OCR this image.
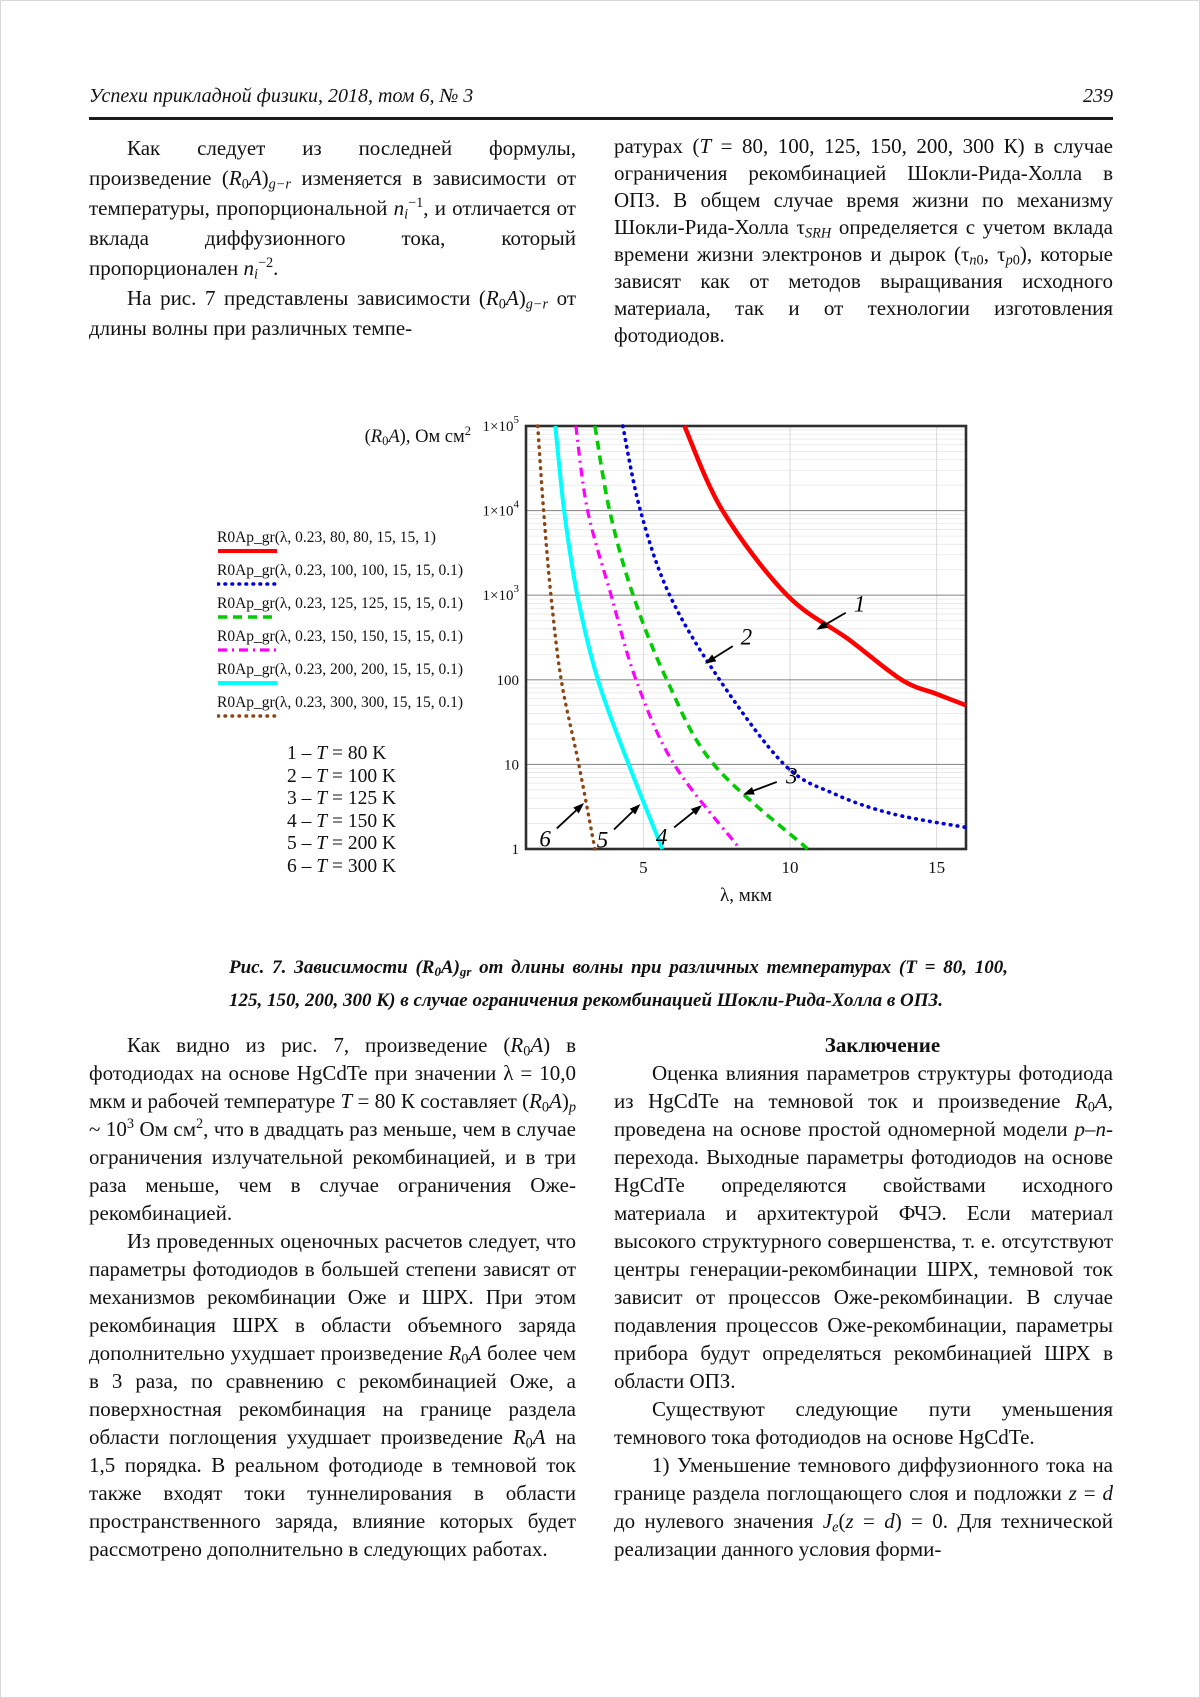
Успехи прикладной физики, 2018, том 6, № 3	239

Как следует из последней формулы, произведение $(R_0A)_{g-r}$ изменяется в зависимости от температуры, пропорциональной $n_i^{-1}$, и отличается от вклада диффузионного тока, который пропорционален $n_i^{-2}$.

На рис. 7 представлены зависимости $(R_0A)_{g-r}$ от длины волны при различных темпе-

ратурах (T = 80, 100, 125, 150, 200, 300 К) в случае ограничения рекомбинацией Шокли-Рида-Холла в ОПЗ. В общем случае время жизни по механизму Шокли-Рида-Холла $\tau_{SRH}$ определяется с учетом вклада времени жизни электронов и дырок ($\tau_{n0}$, $\tau_{p0}$), которые зависят как от методов выращивания исходного материала, так и от технологии изготовления фотодиодов.

$(R_0A)$, Ом $см^2$
R0Ap_gr(λ, 0.23, 80, 80, 15, 15, 1)
R0Ap_gr(λ, 0.23, 100, 100, 15, 15, 0.1)
R0Ap_gr(λ, 0.23, 125, 125, 15, 15, 0.1)
R0Ap_gr(λ, 0.23, 150, 150, 15, 15, 0.1)
R0Ap_gr(λ, 0.23, 200, 200, 15, 15, 0.1)
R0Ap_gr(λ, 0.23, 300, 300, 15, 15, 0.1)
1 – T = 80 K
2 – T = 100 K
3 – T = 125 K
4 – T = 150 K
5 – T = 200 K
6 – T = 300 K
$1\times 10^5$
$1\times 10^4$
$1\times 10^3$
100
10
1
5	10	15
λ, мкм
1
2
3
4
5
6
Рис. 7. Зависимости $(R_0A)_{gr}$ от длины волны при различных температурах (Т = 80, 100,
125, 150, 200, 300 К) в случае ограничения рекомбинацией Шокли-Рида-Холла в ОПЗ.

Как видно из рис. 7, произведение $(R_0A)$ в фотодиодах на основе HgCdTe при значении λ = 10,0 мкм и рабочей температуре T = 80 К составляет $(R_0A)_p$ ~ $10^3$ Ом $см^2$, что в двадцать раз меньше, чем в случае ограничения излучательной рекомбинацией, и в три раза меньше, чем в случае ограничения Оже-рекомбинацией.

Из проведенных оценочных расчетов следует, что параметры фотодиодов в большей степени зависят от механизмов рекомбинации Оже и ШРХ. При этом рекомбинация ШРХ в области объемного заряда дополнительно ухудшает произведение $R_0A$ более чем в 3 раза, по сравнению с рекомбинацией Оже, а поверхностная рекомбинация на границе раздела области поглощения ухудшает произведение $R_0A$ на 1,5 порядка. В реальном фотодиоде в темновой ток также входят токи туннелирования в области пространственного заряда, влияние которых будет рассмотрено дополнительно в следующих работах.

Заключение

Оценка влияния параметров структуры фотодиода из HgCdTe на темновой ток и произведение $R_0A$, проведена на основе простой одномерной модели p–n-перехода. Выходные параметры фотодиодов на основе HgCdTe определяются свойствами исходного материала и архитектурой ФЧЭ. Если материал высокого структурного совершенства, т. е. отсутствуют центры генерации-рекомбинации ШРХ, темновой ток зависит от процессов Оже-рекомбинации. В случае подавления процессов Оже-рекомбинации, параметры прибора будут определяться рекомбинацией ШРХ в области ОПЗ.

Существуют следующие пути уменьшения темнового тока фотодиодов на основе HgCdTe.

1) Уменьшение темнового диффузионного тока на границе раздела поглощающего слоя и подложки z = d до нулевого значения $J_e(z = d) = 0$. Для технической реализации данного условия форми-
